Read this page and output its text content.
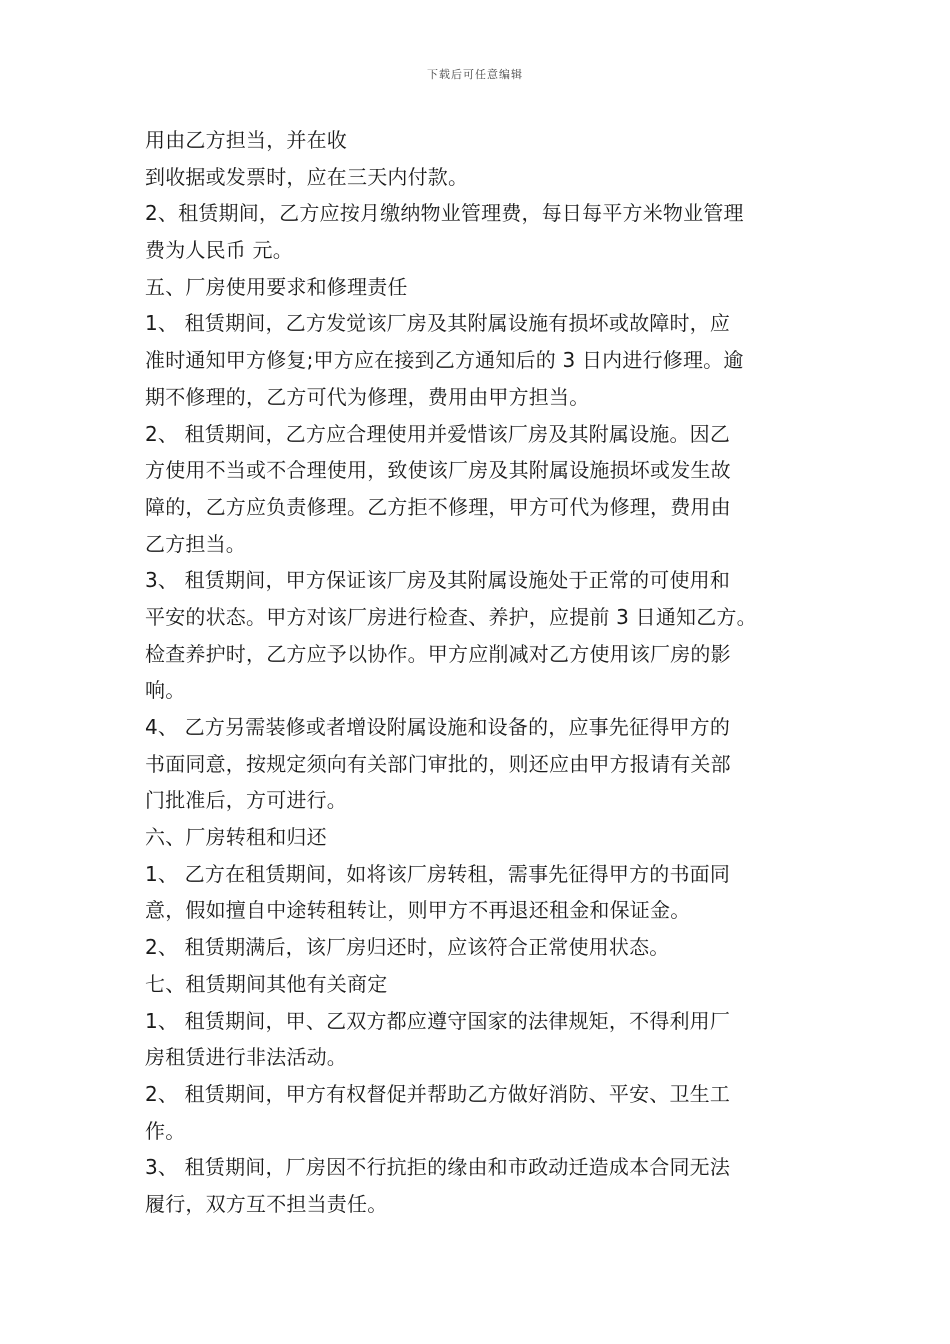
下载后可任意编辑
用由乙方担当，并在收
到收据或发票时，应在三天内付款。
2、租赁期间，乙方应按月缴纳物业管理费，每日每平方米物业管理
费为人民币 元。
五、厂房使用要求和修理责任
1、 租赁期间，乙方发觉该厂房及其附属设施有损坏或故障时，应
准时通知甲方修复;甲方应在接到乙方通知后的 3 日内进行修理。逾
期不修理的，乙方可代为修理，费用由甲方担当。
2、 租赁期间，乙方应合理使用并爱惜该厂房及其附属设施。因乙
方使用不当或不合理使用，致使该厂房及其附属设施损坏或发生故
障的，乙方应负责修理。乙方拒不修理，甲方可代为修理，费用由
乙方担当。
3、 租赁期间，甲方保证该厂房及其附属设施处于正常的可使用和
平安的状态。甲方对该厂房进行检查、养护，应提前 3 日通知乙方。
检查养护时，乙方应予以协作。甲方应削减对乙方使用该厂房的影
响。
4、 乙方另需装修或者增设附属设施和设备的，应事先征得甲方的
书面同意，按规定须向有关部门审批的，则还应由甲方报请有关部
门批准后，方可进行。
六、厂房转租和归还
1、 乙方在租赁期间，如将该厂房转租，需事先征得甲方的书面同
意，假如擅自中途转租转让，则甲方不再退还租金和保证金。
2、 租赁期满后，该厂房归还时，应该符合正常使用状态。
七、租赁期间其他有关商定
1、 租赁期间，甲、乙双方都应遵守国家的法律规矩，不得利用厂
房租赁进行非法活动。
2、 租赁期间，甲方有权督促并帮助乙方做好消防、平安、卫生工
作。
3、 租赁期间，厂房因不行抗拒的缘由和市政动迁造成本合同无法
履行，双方互不担当责任。
